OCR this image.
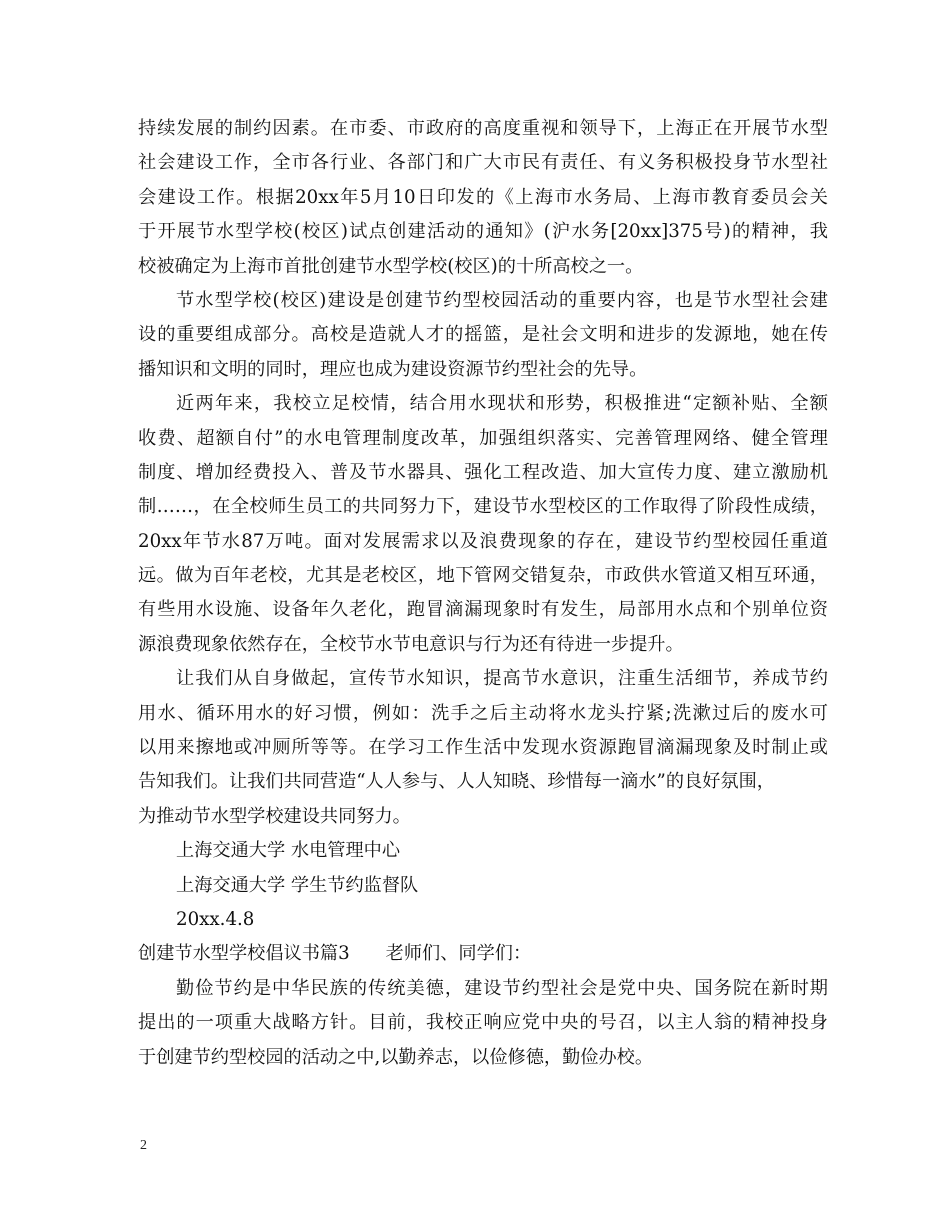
持续发展的制约因素。在市委、市政府的高度重视和领导下，上海正在开展节水型
社会建设工作，全市各行业、各部门和广大市民有责任、有义务积极投身节水型社
会建设工作。根据20xx年5月10日印发的《上海市水务局、上海市教育委员会关
于开展节水型学校(校区)试点创建活动的通知》(沪水务[20xx]375号)的精神，我
校被确定为上海市首批创建节水型学校(校区)的十所高校之一。
节水型学校(校区)建设是创建节约型校园活动的重要内容，也是节水型社会建
设的重要组成部分。高校是造就人才的摇篮，是社会文明和进步的发源地，她在传
播知识和文明的同时，理应也成为建设资源节约型社会的先导。
近两年来，我校立足校情，结合用水现状和形势，积极推进“定额补贴、全额
收费、超额自付”的水电管理制度改革，加强组织落实、完善管理网络、健全管理
制度、增加经费投入、普及节水器具、强化工程改造、加大宣传力度、建立激励机
制……，在全校师生员工的共同努力下，建设节水型校区的工作取得了阶段性成绩，
20xx年节水87万吨。面对发展需求以及浪费现象的存在，建设节约型校园任重道
远。做为百年老校，尤其是老校区，地下管网交错复杂，市政供水管道又相互环通，
有些用水设施、设备年久老化，跑冒滴漏现象时有发生，局部用水点和个别单位资
源浪费现象依然存在，全校节水节电意识与行为还有待进一步提升。
让我们从自身做起，宣传节水知识，提高节水意识，注重生活细节，养成节约
用水、循环用水的好习惯，例如：洗手之后主动将水龙头拧紧;洗漱过后的废水可
以用来擦地或冲厕所等等。在学习工作生活中发现水资源跑冒滴漏现象及时制止或
告知我们。让我们共同营造“人人参与、人人知晓、珍惜每一滴水”的良好氛围，
为推动节水型学校建设共同努力。
上海交通大学 水电管理中心
上海交通大学 学生节约监督队
20xx.4.8
创建节水型学校倡议书篇3 老师们、同学们：
勤俭节约是中华民族的传统美德，建设节约型社会是党中央、国务院在新时期
提出的一项重大战略方针。目前，我校正响应党中央的号召，以主人翁的精神投身
于创建节约型校园的活动之中,以勤养志，以俭修德，勤俭办校。
2
